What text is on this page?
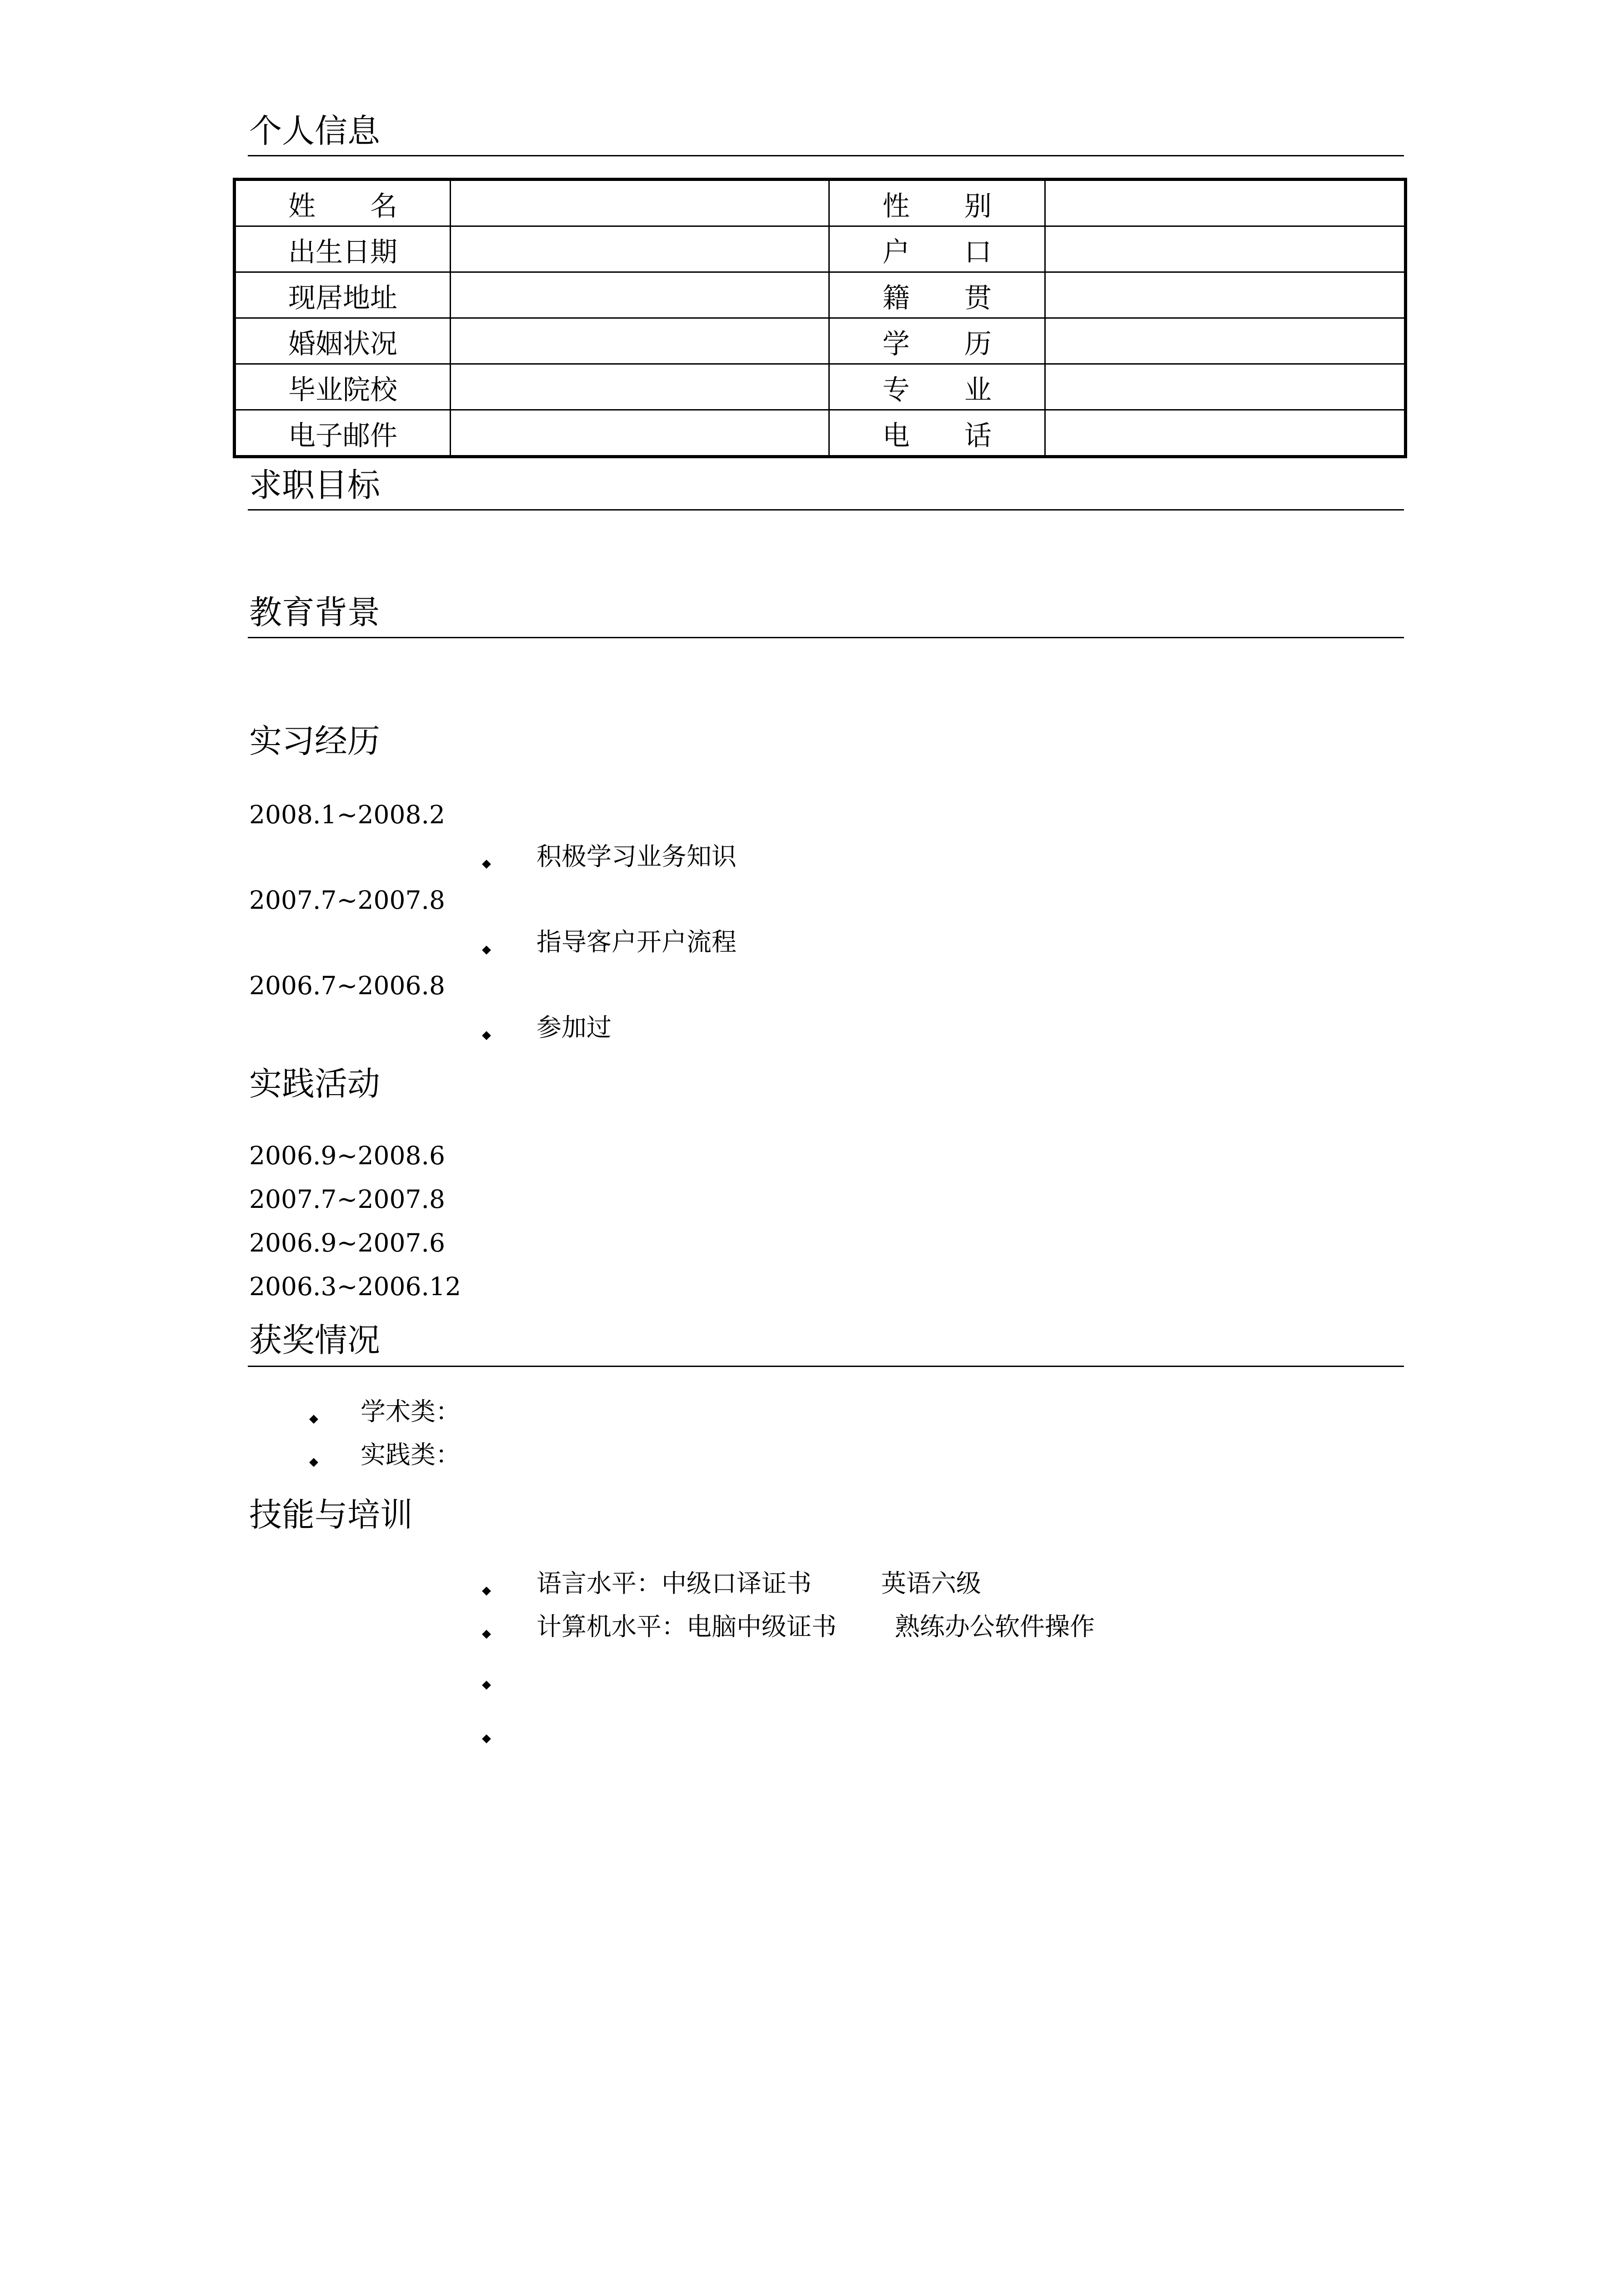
个人信息
姓　　名		性　　别	
出生日期		户　　口	
现居地址		籍　　贯	
婚姻状况		学　　历	
毕业院校		专　　业	
电子邮件		电　　话	
求职目标
教育背景
实习经历
2008.1~2008.2
积极学习业务知识
2007.7~2007.8
指导客户开户流程
2006.7~2006.8
参加过
实践活动
2006.9~2008.6
2007.7~2007.8
2006.9~2007.6
2006.3~2006.12
获奖情况
学术类：
实践类：
技能与培训
语言水平：中级口译证书	英语六级
计算机水平：电脑中级证书 熟练办公软件操作
